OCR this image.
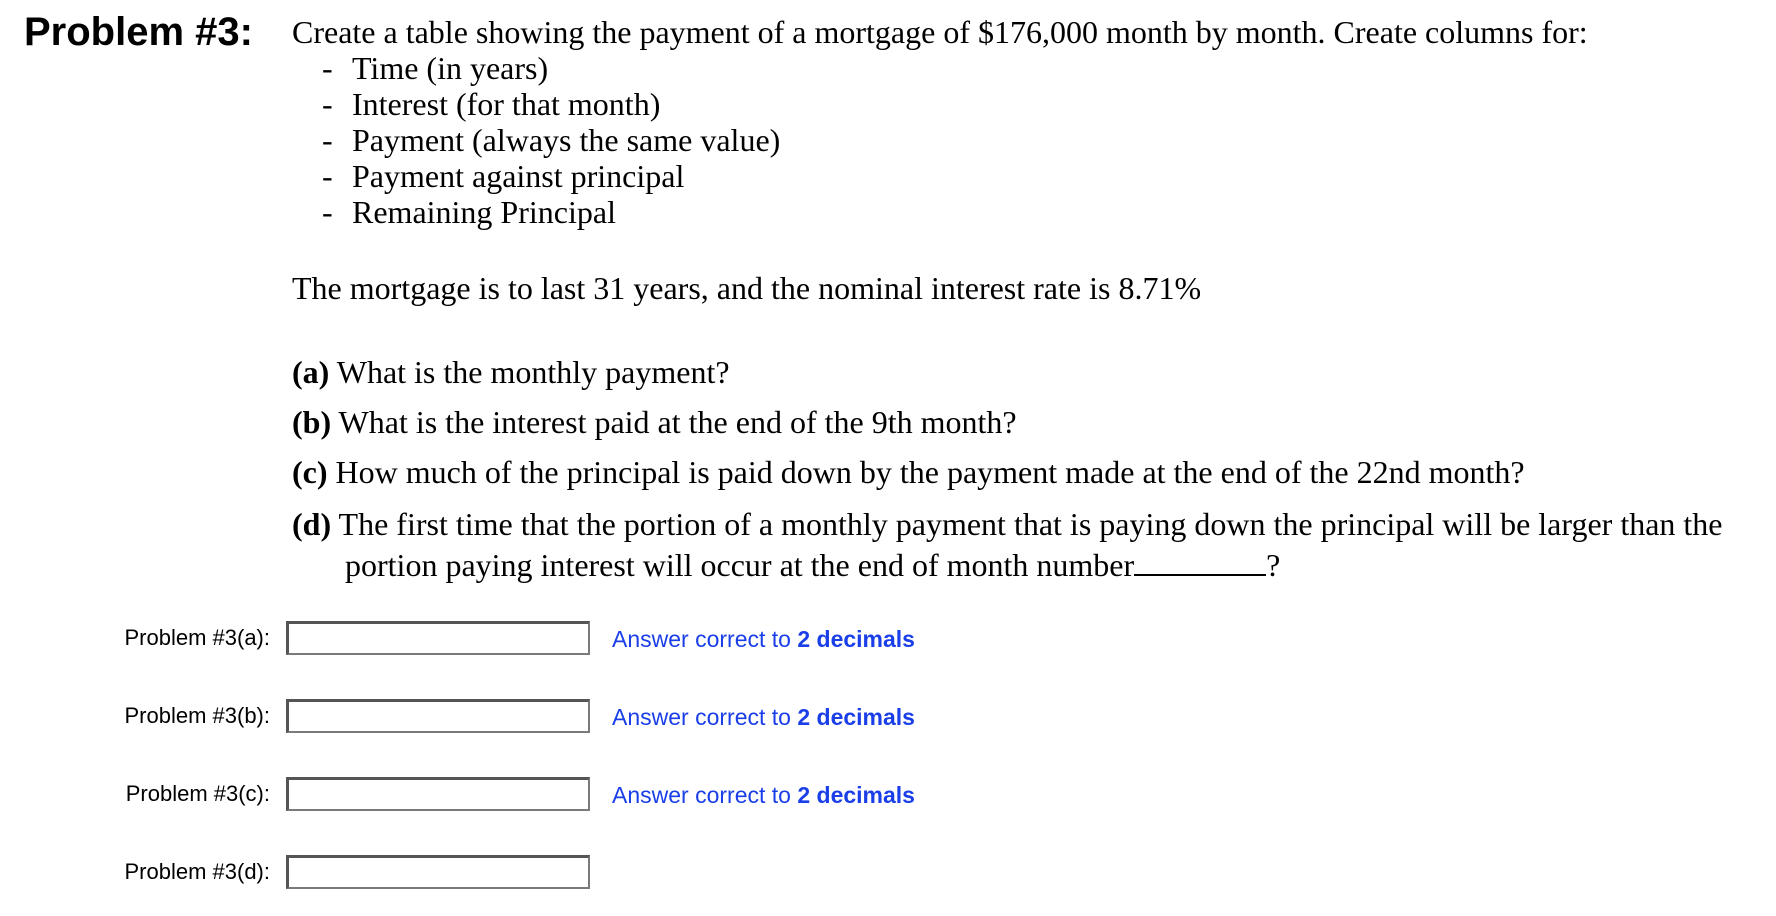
Problem #3: Create a table showing the payment of a mortgage of $176,000 month by month. Create columns for:
- Time (in years)
- Interest (for that month)
- Payment (always the same value)
- Payment against principal
- Remaining Principal
The mortgage is to last 31 years, and the nominal interest rate is 8.71%
(a) What is the monthly payment?
(b) What is the interest paid at the end of the 9th month?
(c) How much of the principal is paid down by the payment made at the end of the 22nd month?
(d) The first time that the portion of a monthly payment that is paying down the principal will be larger than the
portion paying interest will occur at the end of month number	?
Problem #3(a):	Answer correct to 2 decimals
Problem #3(b):	Answer correct to 2 decimals
Problem #3(c):	Answer correct to 2 decimals
Problem #3(d):
